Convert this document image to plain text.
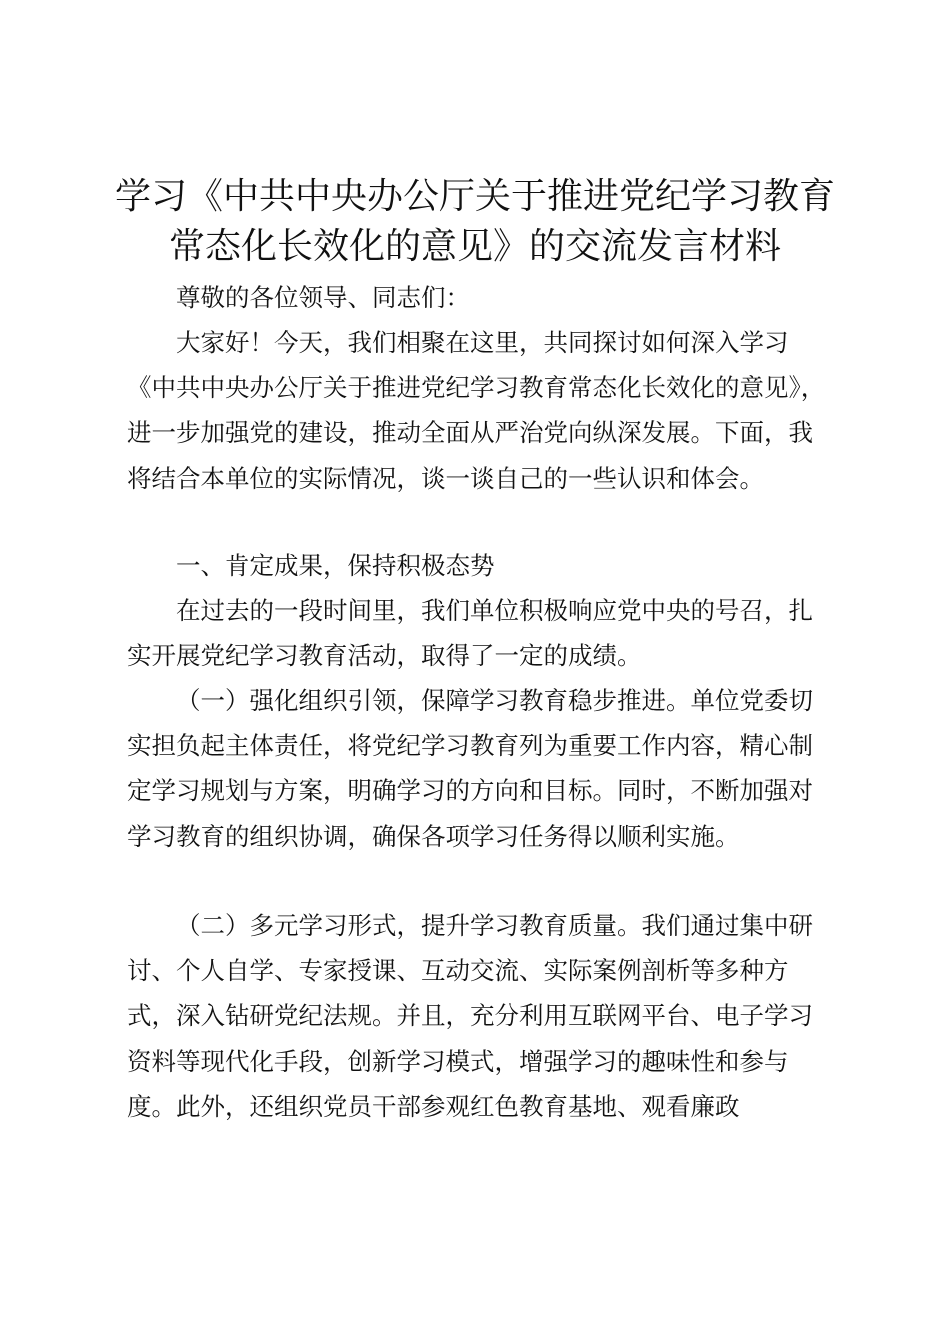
学习《中共中央办公厅关于推进党纪学习教育
常态化长效化的意见》的交流发言材料

尊敬的各位领导、同志们：

大家好！今天，我们相聚在这里，共同探讨如何深入学习《中共中央办公厅关于推进党纪学习教育常态化长效化的意见》，进一步加强党的建设，推动全面从严治党向纵深发展。下面，我将结合本单位的实际情况，谈一谈自己的一些认识和体会。

一、肯定成果，保持积极态势

在过去的一段时间里，我们单位积极响应党中央的号召，扎实开展党纪学习教育活动，取得了一定的成绩。

（一）强化组织引领，保障学习教育稳步推进。单位党委切实担负起主体责任，将党纪学习教育列为重要工作内容，精心制定学习规划与方案，明确学习的方向和目标。同时，不断加强对学习教育的组织协调，确保各项学习任务得以顺利实施。

（二）多元学习形式，提升学习教育质量。我们通过集中研讨、个人自学、专家授课、互动交流、实际案例剖析等多种方式，深入钻研党纪法规。并且，充分利用互联网平台、电子学习资料等现代化手段，创新学习模式，增强学习的趣味性和参与度。此外，还组织党员干部参观红色教育基地、观看廉政
